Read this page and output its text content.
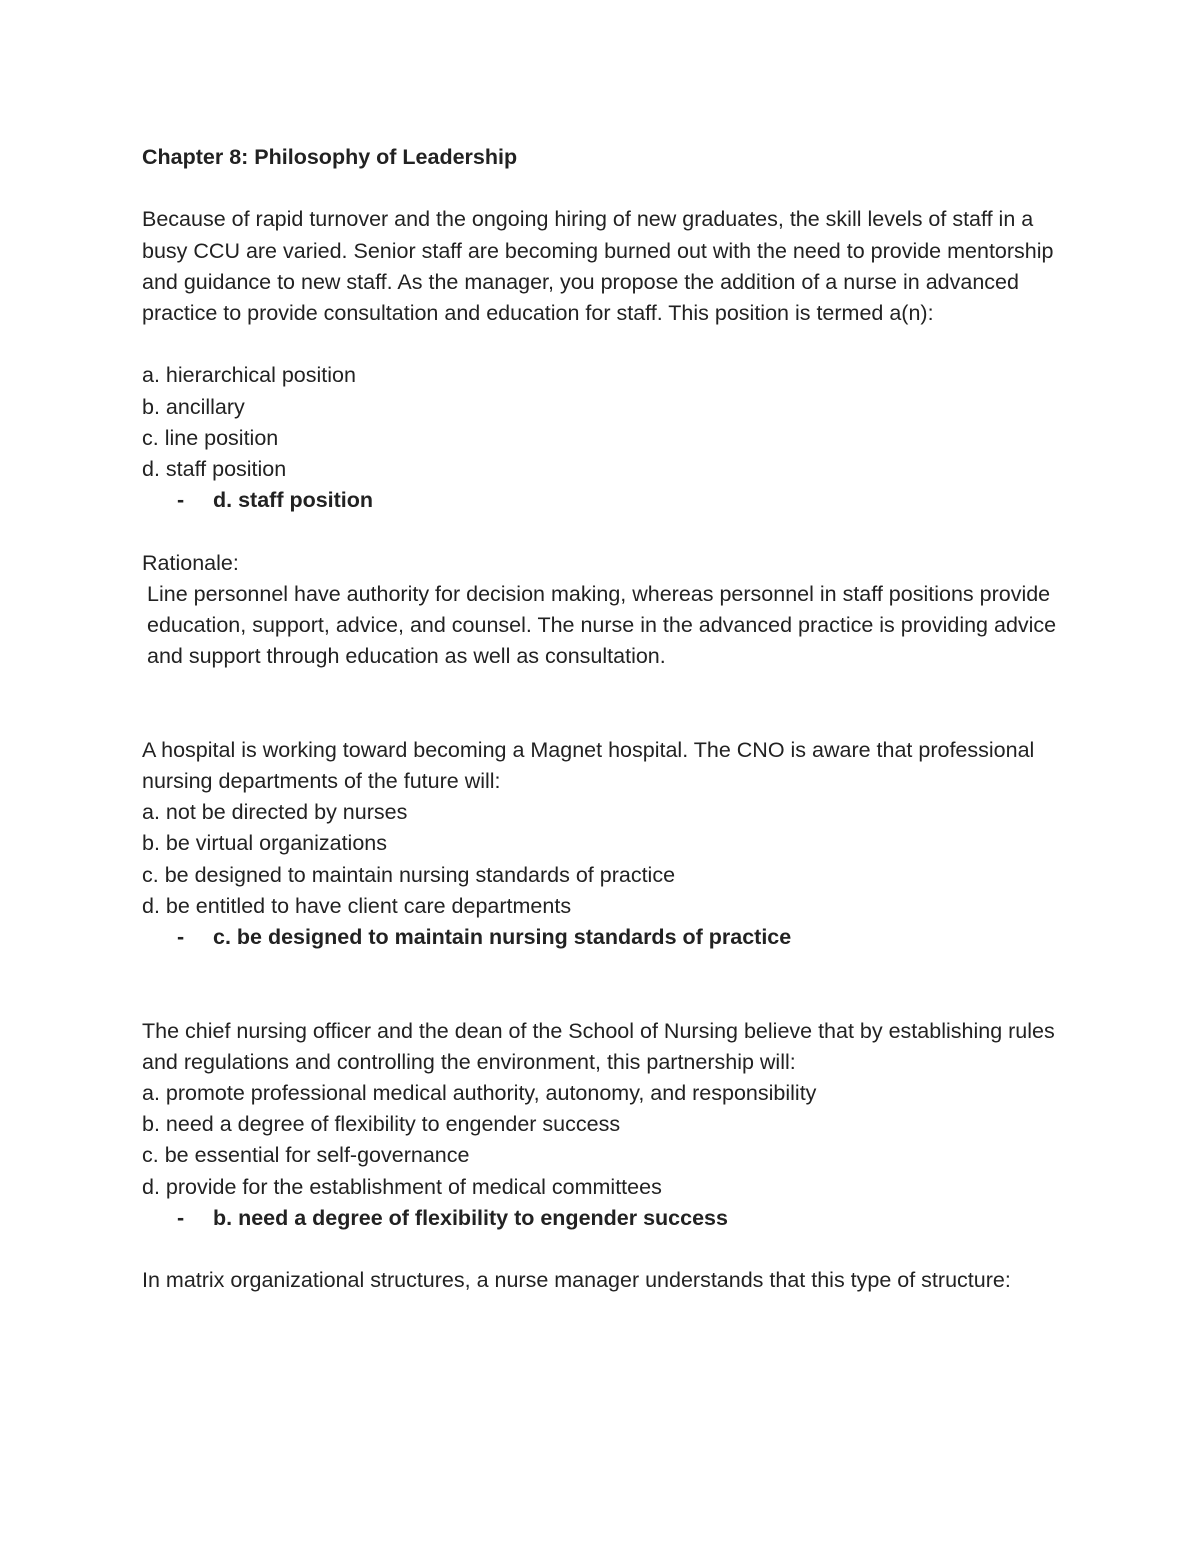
Chapter 8: Philosophy of Leadership

Because of rapid turnover and the ongoing hiring of new graduates, the skill levels of staff in a busy CCU are varied. Senior staff are becoming burned out with the need to provide mentorship and guidance to new staff. As the manager, you propose the addition of a nurse in advanced practice to provide consultation and education for staff. This position is termed a(n):

a. hierarchical position

b. ancillary

c. line position

d. staff position

- d. staff position

Rationale:

Line personnel have authority for decision making, whereas personnel in staff positions provide education, support, advice, and counsel. The nurse in the advanced practice is providing advice and support through education as well as consultation.

A hospital is working toward becoming a Magnet hospital. The CNO is aware that professional nursing departments of the future will:

a. not be directed by nurses

b. be virtual organizations

c. be designed to maintain nursing standards of practice

d. be entitled to have client care departments

- c. be designed to maintain nursing standards of practice

The chief nursing officer and the dean of the School of Nursing believe that by establishing rules and regulations and controlling the environment, this partnership will:

a. promote professional medical authority, autonomy, and responsibility

b. need a degree of flexibility to engender success

c. be essential for self-governance

d. provide for the establishment of medical committees

- b. need a degree of flexibility to engender success

In matrix organizational structures, a nurse manager understands that this type of structure:
